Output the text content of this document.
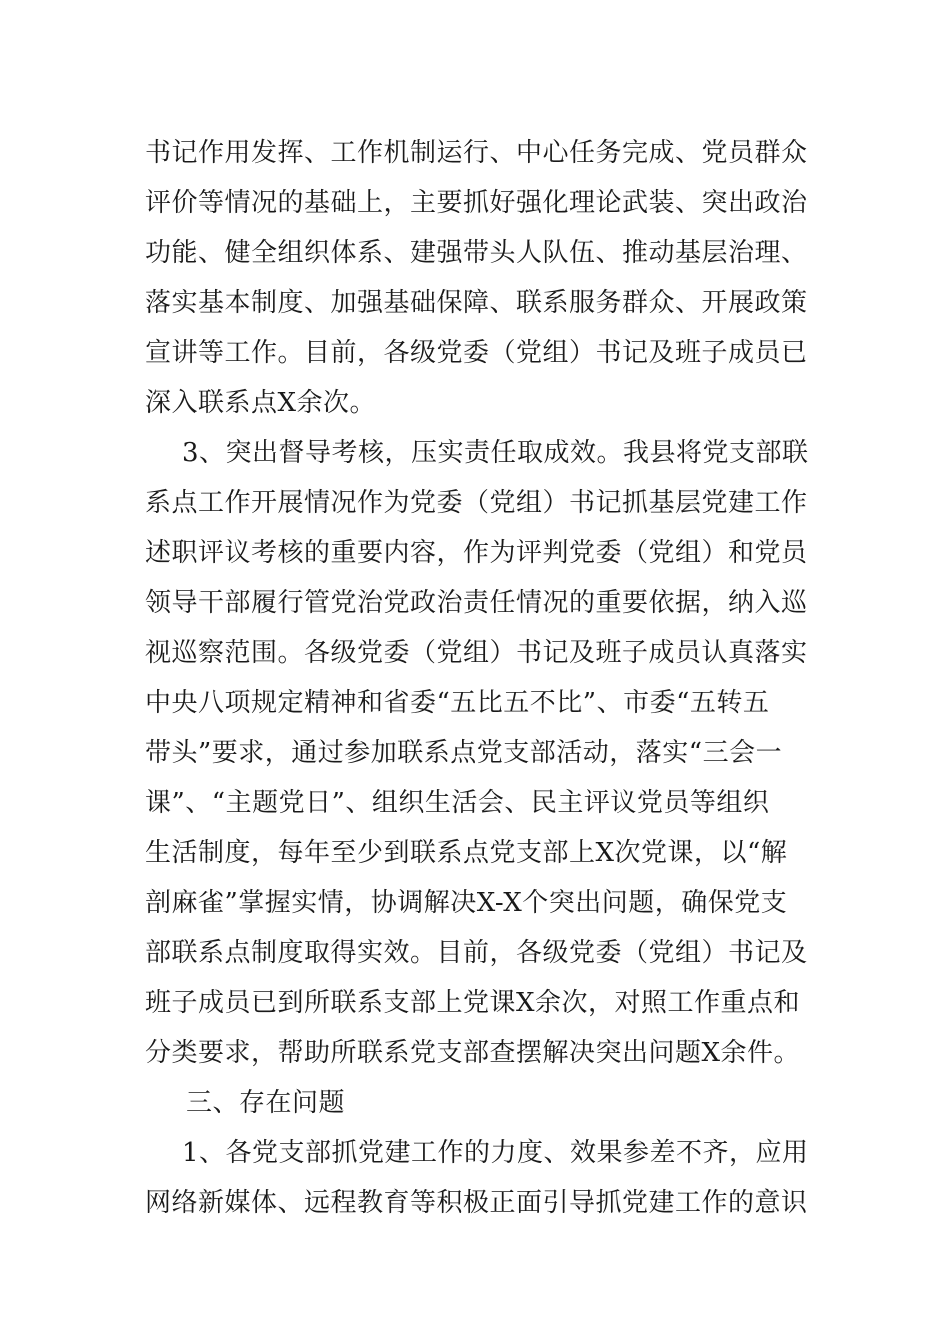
书记作用发挥、工作机制运行、中心任务完成、党员群众
评价等情况的基础上，主要抓好强化理论武装、突出政治
功能、健全组织体系、建强带头人队伍、推动基层治理、
落实基本制度、加强基础保障、联系服务群众、开展政策
宣讲等工作。目前，各级党委（党组）书记及班子成员已
深入联系点X余次。
3、突出督导考核，压实责任取成效。我县将党支部联
系点工作开展情况作为党委（党组）书记抓基层党建工作
述职评议考核的重要内容，作为评判党委（党组）和党员
领导干部履行管党治党政治责任情况的重要依据，纳入巡
视巡察范围。各级党委（党组）书记及班子成员认真落实
中央八项规定精神和省委“五比五不比”、市委“五转五
带头”要求，通过参加联系点党支部活动，落实“三会一
课”、“主题党日”、组织生活会、民主评议党员等组织
生活制度，每年至少到联系点党支部上X次党课，以“解
剖麻雀”掌握实情，协调解决X-X个突出问题，确保党支
部联系点制度取得实效。目前，各级党委（党组）书记及
班子成员已到所联系支部上党课X余次，对照工作重点和
分类要求，帮助所联系党支部查摆解决突出问题X余件。
三、存在问题
1、各党支部抓党建工作的力度、效果参差不齐，应用
网络新媒体、远程教育等积极正面引导抓党建工作的意识
